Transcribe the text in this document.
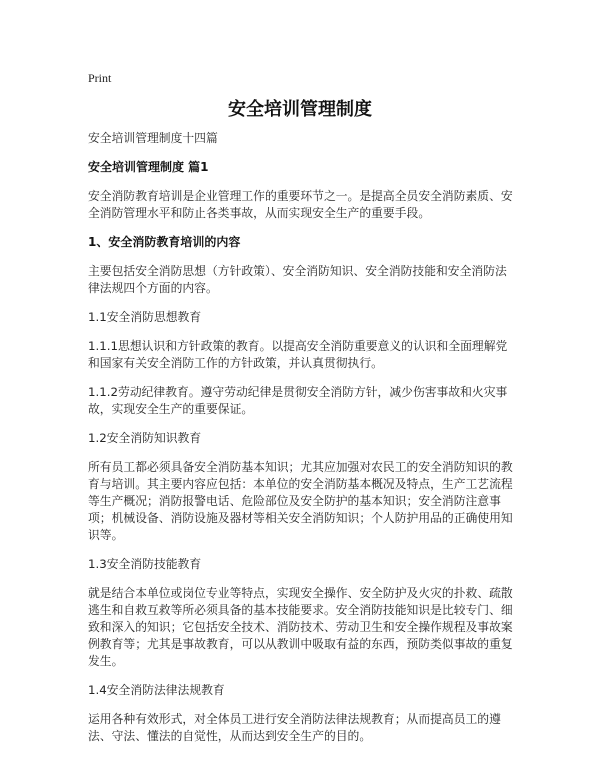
Print
安全培训管理制度

安全培训管理制度十四篇

安全培训管理制度 篇1

安全消防教育培训是企业管理工作的重要环节之一。是提高全员安全消防素质、安全消防管理水平和防止各类事故，从而实现安全生产的重要手段。

1、安全消防教育培训的内容

主要包括安全消防思想（方针政策）、安全消防知识、安全消防技能和安全消防法律法规四个方面的内容。

1.1安全消防思想教育

1.1.1思想认识和方针政策的教育。以提高安全消防重要意义的认识和全面理解党和国家有关安全消防工作的方针政策，并认真贯彻执行。

1.1.2劳动纪律教育。遵守劳动纪律是贯彻安全消防方针，减少伤害事故和火灾事故，实现安全生产的重要保证。

1.2安全消防知识教育

所有员工都必须具备安全消防基本知识；尤其应加强对农民工的安全消防知识的教育与培训。其主要内容应包括：本单位的安全消防基本概况及特点，生产工艺流程等生产概况；消防报警电话、危险部位及安全防护的基本知识；安全消防注意事项；机械设备、消防设施及器材等相关安全消防知识；个人防护用品的正确使用知识等。

1.3安全消防技能教育

就是结合本单位或岗位专业等特点，实现安全操作、安全防护及火灾的扑救、疏散逃生和自救互救等所必须具备的基本技能要求。安全消防技能知识是比较专门、细致和深入的知识；它包括安全技术、消防技术、劳动卫生和安全操作规程及事故案例教育等；尤其是事故教育，可以从教训中吸取有益的东西，预防类似事故的重复发生。

1.4安全消防法律法规教育

运用各种有效形式，对全体员工进行安全消防法律法规教育；从而提高员工的遵法、守法、懂法的自觉性，从而达到安全生产的目的。
